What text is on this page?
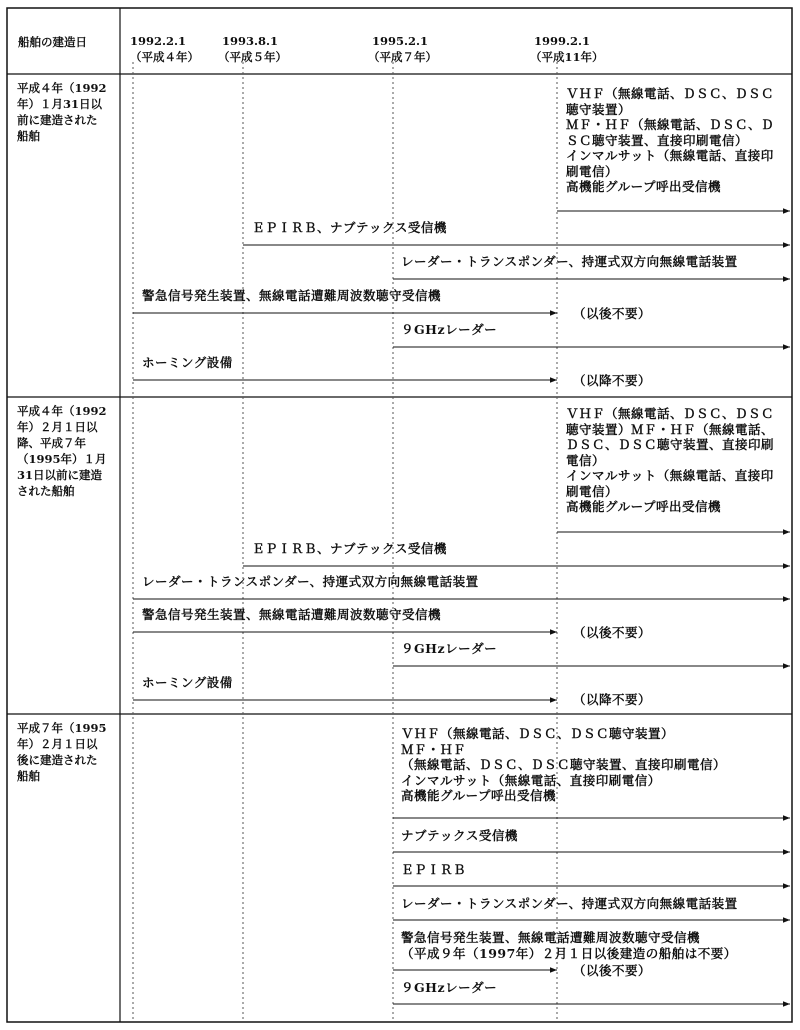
船舶の建造日	1992.2.1
（平成４年）
1993.8.1
（平成５年）
1995.2.1
（平成７年）
1999.2.1
（平成11年）
平成４年（1992
年）１月31日以
前に建造された
船舶
ＶＨＦ（無線電話、ＤＳＣ、ＤＳＣ
聴守装置）
ＭＦ・ＨＦ（無線電話、ＤＳＣ、Ｄ
ＳＣ聴守装置、直接印刷電信）
インマルサット（無線電話、直接印
刷電信）
高機能グループ呼出受信機
ＥＰＩＲＢ、ナブテックス受信機
レーダー・トランスポンダー、持運式双方向無線電話装置
警急信号発生装置、無線電話遭難周波数聴守受信機
（以後不要）
９GHzレーダー
ホーミング設備
（以降不要）
平成４年（1992
年）２月１日以
降、平成７年
（1995年）１月
31日以前に建造
された船舶
ＶＨＦ（無線電話、ＤＳＣ、ＤＳＣ
聴守装置）ＭＦ・ＨＦ（無線電話、
ＤＳＣ、ＤＳＣ聴守装置、直接印刷
電信）
インマルサット（無線電話、直接印
刷電信）
高機能グループ呼出受信機
ＥＰＩＲＢ、ナブテックス受信機
レーダー・トランスポンダー、持運式双方向無線電話装置
警急信号発生装置、無線電話遭難周波数聴守受信機
（以後不要）
９GHzレーダー
ホーミング設備
（以降不要）
平成７年（1995
年）２月１日以
後に建造された
船舶
ＶＨＦ（無線電話、ＤＳＣ、ＤＳＣ聴守装置）
ＭＦ・ＨＦ
（無線電話、ＤＳＣ、ＤＳＣ聴守装置、直接印刷電信）
インマルサット（無線電話、直接印刷電信）
高機能グループ呼出受信機
ナブテックス受信機
ＥＰＩＲＢ
レーダー・トランスポンダー、持運式双方向無線電話装置
警急信号発生装置、無線電話遭難周波数聴守受信機
（平成９年（1997年）２月１日以後建造の船舶は不要）
（以後不要）
９GHzレーダー
